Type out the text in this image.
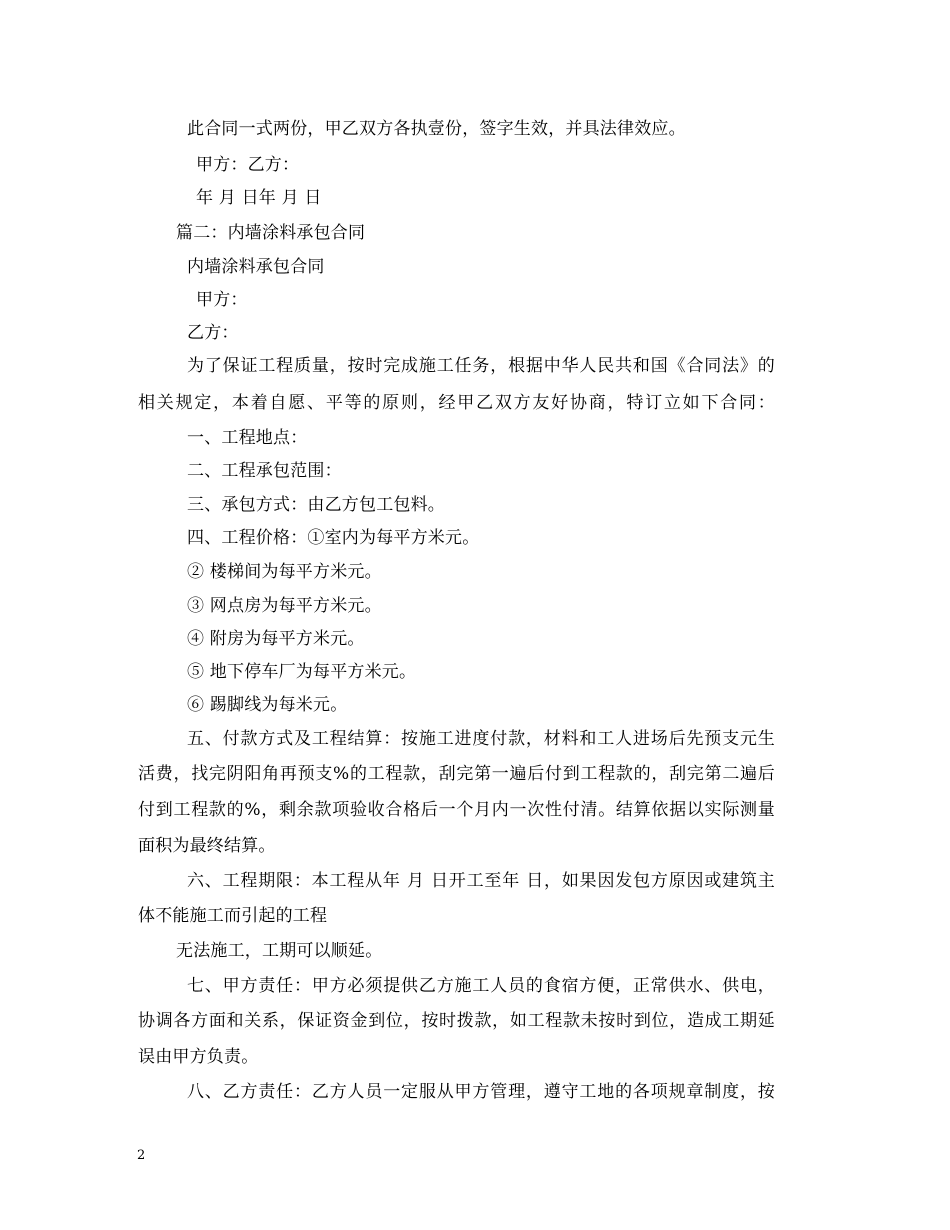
此合同一式两份，甲乙双方各执壹份，签字生效，并具法律效应。
甲方：乙方：
年 月 日年 月 日
篇二：内墙涂料承包合同
内墙涂料承包合同
甲方：
乙方：
为了保证工程质量，按时完成施工任务，根据中华人民共和国《合同法》的
相关规定，本着自愿、平等的原则，经甲乙双方友好协商，特订立如下合同：
一、工程地点：
二、工程承包范围：
三、承包方式：由乙方包工包料。
四、工程价格：①室内为每平方米元。
② 楼梯间为每平方米元。
③ 网点房为每平方米元。
④ 附房为每平方米元。
⑤ 地下停车厂为每平方米元。
⑥ 踢脚线为每米元。
五、付款方式及工程结算：按施工进度付款，材料和工人进场后先预支元生
活费，找完阴阳角再预支%的工程款，刮完第一遍后付到工程款的，刮完第二遍后
付到工程款的%，剩余款项验收合格后一个月内一次性付清。结算依据以实际测量
面积为最终结算。
六、工程期限：本工程从年 月 日开工至年 日，如果因发包方原因或建筑主
体不能施工而引起的工程
无法施工，工期可以顺延。
七、甲方责任：甲方必须提供乙方施工人员的食宿方便，正常供水、供电，
协调各方面和关系，保证资金到位，按时拨款，如工程款未按时到位，造成工期延
误由甲方负责。
八、乙方责任：乙方人员一定服从甲方管理，遵守工地的各项规章制度，按
2
